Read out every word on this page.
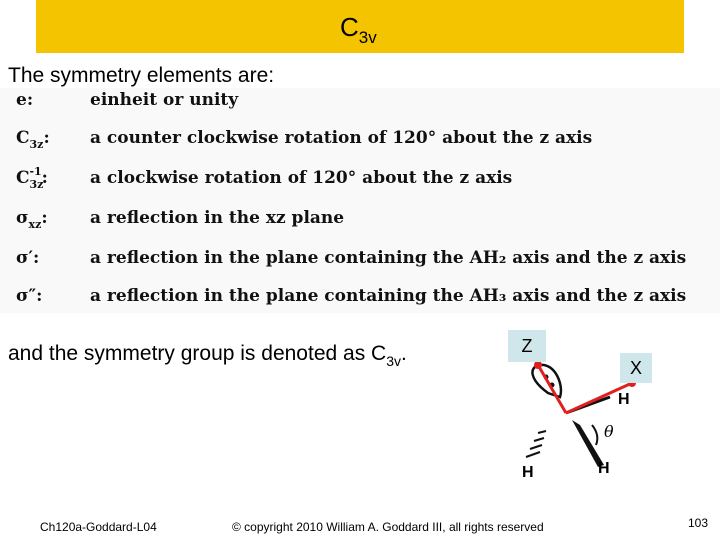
$C_{3v}$
The symmetry elements are:
e:	einheit or unity
$C_{3z}$: a counter clockwise rotation of 120° about the z axis
$C_{3z}^{-1}$: a clockwise rotation of 120° about the z axis
$\sigma_{xz}$: a reflection in the xz plane
σ′:	a reflection in the plane containing the AH₂ axis and the z axis
σ″:	a reflection in the plane containing the AH₃ axis and the z axis
and the symmetry group is denoted as $C_{3v}$.
θ
H
H
H
Z
X
Ch120a-Goddard-L04	© copyright 2010 William A. Goddard III, all rights reserved	103
